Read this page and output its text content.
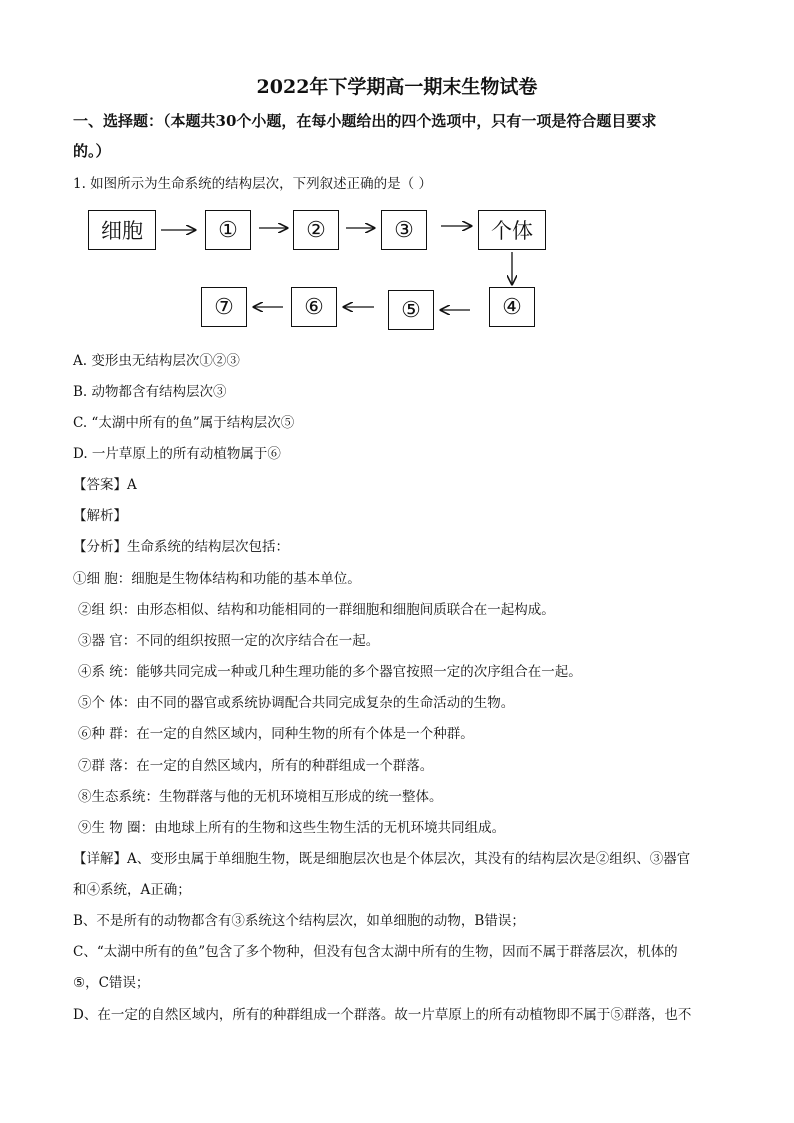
2022年下学期高一期末生物试卷
一、选择题：（本题共30个小题，在每小题给出的四个选项中，只有一项是符合题目要求
的。）
1. 如图所示为生命系统的结构层次，下列叙述正确的是（ ）
细胞	①	②	③	个体
⑦	⑥	⑤	④
A. 变形虫无结构层次①②③
B. 动物都含有结构层次③
C. “太湖中所有的鱼”属于结构层次⑤
D. 一片草原上的所有动植物属于⑥
【答案】A
【解析】
【分析】生命系统的结构层次包括：
①细 胞：细胞是生物体结构和功能的基本单位。
②组 织：由形态相似、结构和功能相同的一群细胞和细胞间质联合在一起构成。
③器 官：不同的组织按照一定的次序结合在一起。
④系 统：能够共同完成一种或几种生理功能的多个器官按照一定的次序组合在一起。
⑤个 体：由不同的器官或系统协调配合共同完成复杂的生命活动的生物。
⑥种 群：在一定的自然区域内，同种生物的所有个体是一个种群。
⑦群 落：在一定的自然区域内，所有的种群组成一个群落。
⑧生态系统：生物群落与他的无机环境相互形成的统一整体。
⑨生 物 圈：由地球上所有的生物和这些生物生活的无机环境共同组成。
【详解】A、变形虫属于单细胞生物，既是细胞层次也是个体层次，其没有的结构层次是②组织、③器官
和④系统，A正确；
B、不是所有的动物都含有③系统这个结构层次，如单细胞的动物，B错误；
C、“太湖中所有的鱼”包含了多个物种，但没有包含太湖中所有的生物，因而不属于群落层次，机体的
⑤，C错误；
D、在一定的自然区域内，所有的种群组成一个群落。故一片草原上的所有动植物即不属于⑤群落，也不
